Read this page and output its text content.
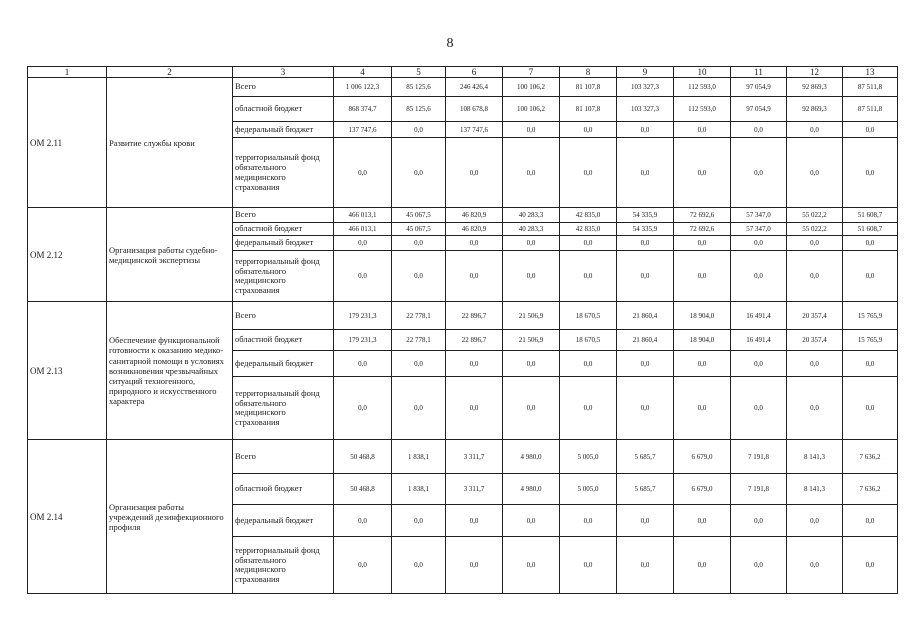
8
1	2	3	4	5	6	7	8	9	10	11	12	13
ОМ 2.11	Развитие службы крови	Всего	1 006 122,3	85 125,6	246 426,4	100 106,2	81 107,8	103 327,3	112 593,0	97 054,9	92 869,3	87 511,8
		областной бюджет	868 374,7	85 125,6	108 678,8	100 106,2	81 107,8	103 327,3	112 593,0	97 054,9	92 869,3	87 511,8
		федеральный бюджет	137 747,6	0,0	137 747,6	0,0	0,0	0,0	0,0	0,0	0,0	0,0
		территориальный фонд обязательного медицинского страхования	0,0	0,0	0,0	0,0	0,0	0,0	0,0	0,0	0,0	0,0
ОМ 2.12	Организация работы судебно-медицинской экспертизы	Всего	466 013,1	45 067,5	46 820,9	40 283,3	42 835,0	54 335,9	72 692,6	57 347,0	55 022,2	51 608,7
		областной бюджет	466 013,1	45 067,5	46 820,9	40 283,3	42 835,0	54 335,9	72 692,6	57 347,0	55 022,2	51 608,7
		федеральный бюджет	0,0	0,0	0,0	0,0	0,0	0,0	0,0	0,0	0,0	0,0
		территориальный фонд обязательного медицинского страхования	0,0	0,0	0,0	0,0	0,0	0,0	0,0	0,0	0,0	0,0
ОМ 2.13	Обеспечение функциональной готовности к оказанию медико-санитарной помощи в условиях возникновения чрезвычайных ситуаций техногенного, природного и искусственного характера	Всего	179 231,3	22 778,1	22 896,7	21 506,9	18 670,5	21 860,4	18 904,0	16 491,4	20 357,4	15 765,9
		областной бюджет	179 231,3	22 778,1	22 896,7	21 506,9	18 670,5	21 860,4	18 904,0	16 491,4	20 357,4	15 765,9
		федеральный бюджет	0,0	0,0	0,0	0,0	0,0	0,0	0,0	0,0	0,0	0,0
		территориальный фонд обязательного медицинского страхования	0,0	0,0	0,0	0,0	0,0	0,0	0,0	0,0	0,0	0,0
ОМ 2.14	Организация работы учреждений дезинфекционного профиля	Всего	50 468,8	1 838,1	3 311,7	4 980,0	5 005,0	5 685,7	6 679,0	7 191,8	8 141,3	7 636,2
		областной бюджет	50 468,8	1 838,1	3 311,7	4 980,0	5 005,0	5 685,7	6 679,0	7 191,8	8 141,3	7 636,2
		федеральный бюджет	0,0	0,0	0,0	0,0	0,0	0,0	0,0	0,0	0,0	0,0
		территориальный фонд обязательного медицинского страхования	0,0	0,0	0,0	0,0	0,0	0,0	0,0	0,0	0,0	0,0
